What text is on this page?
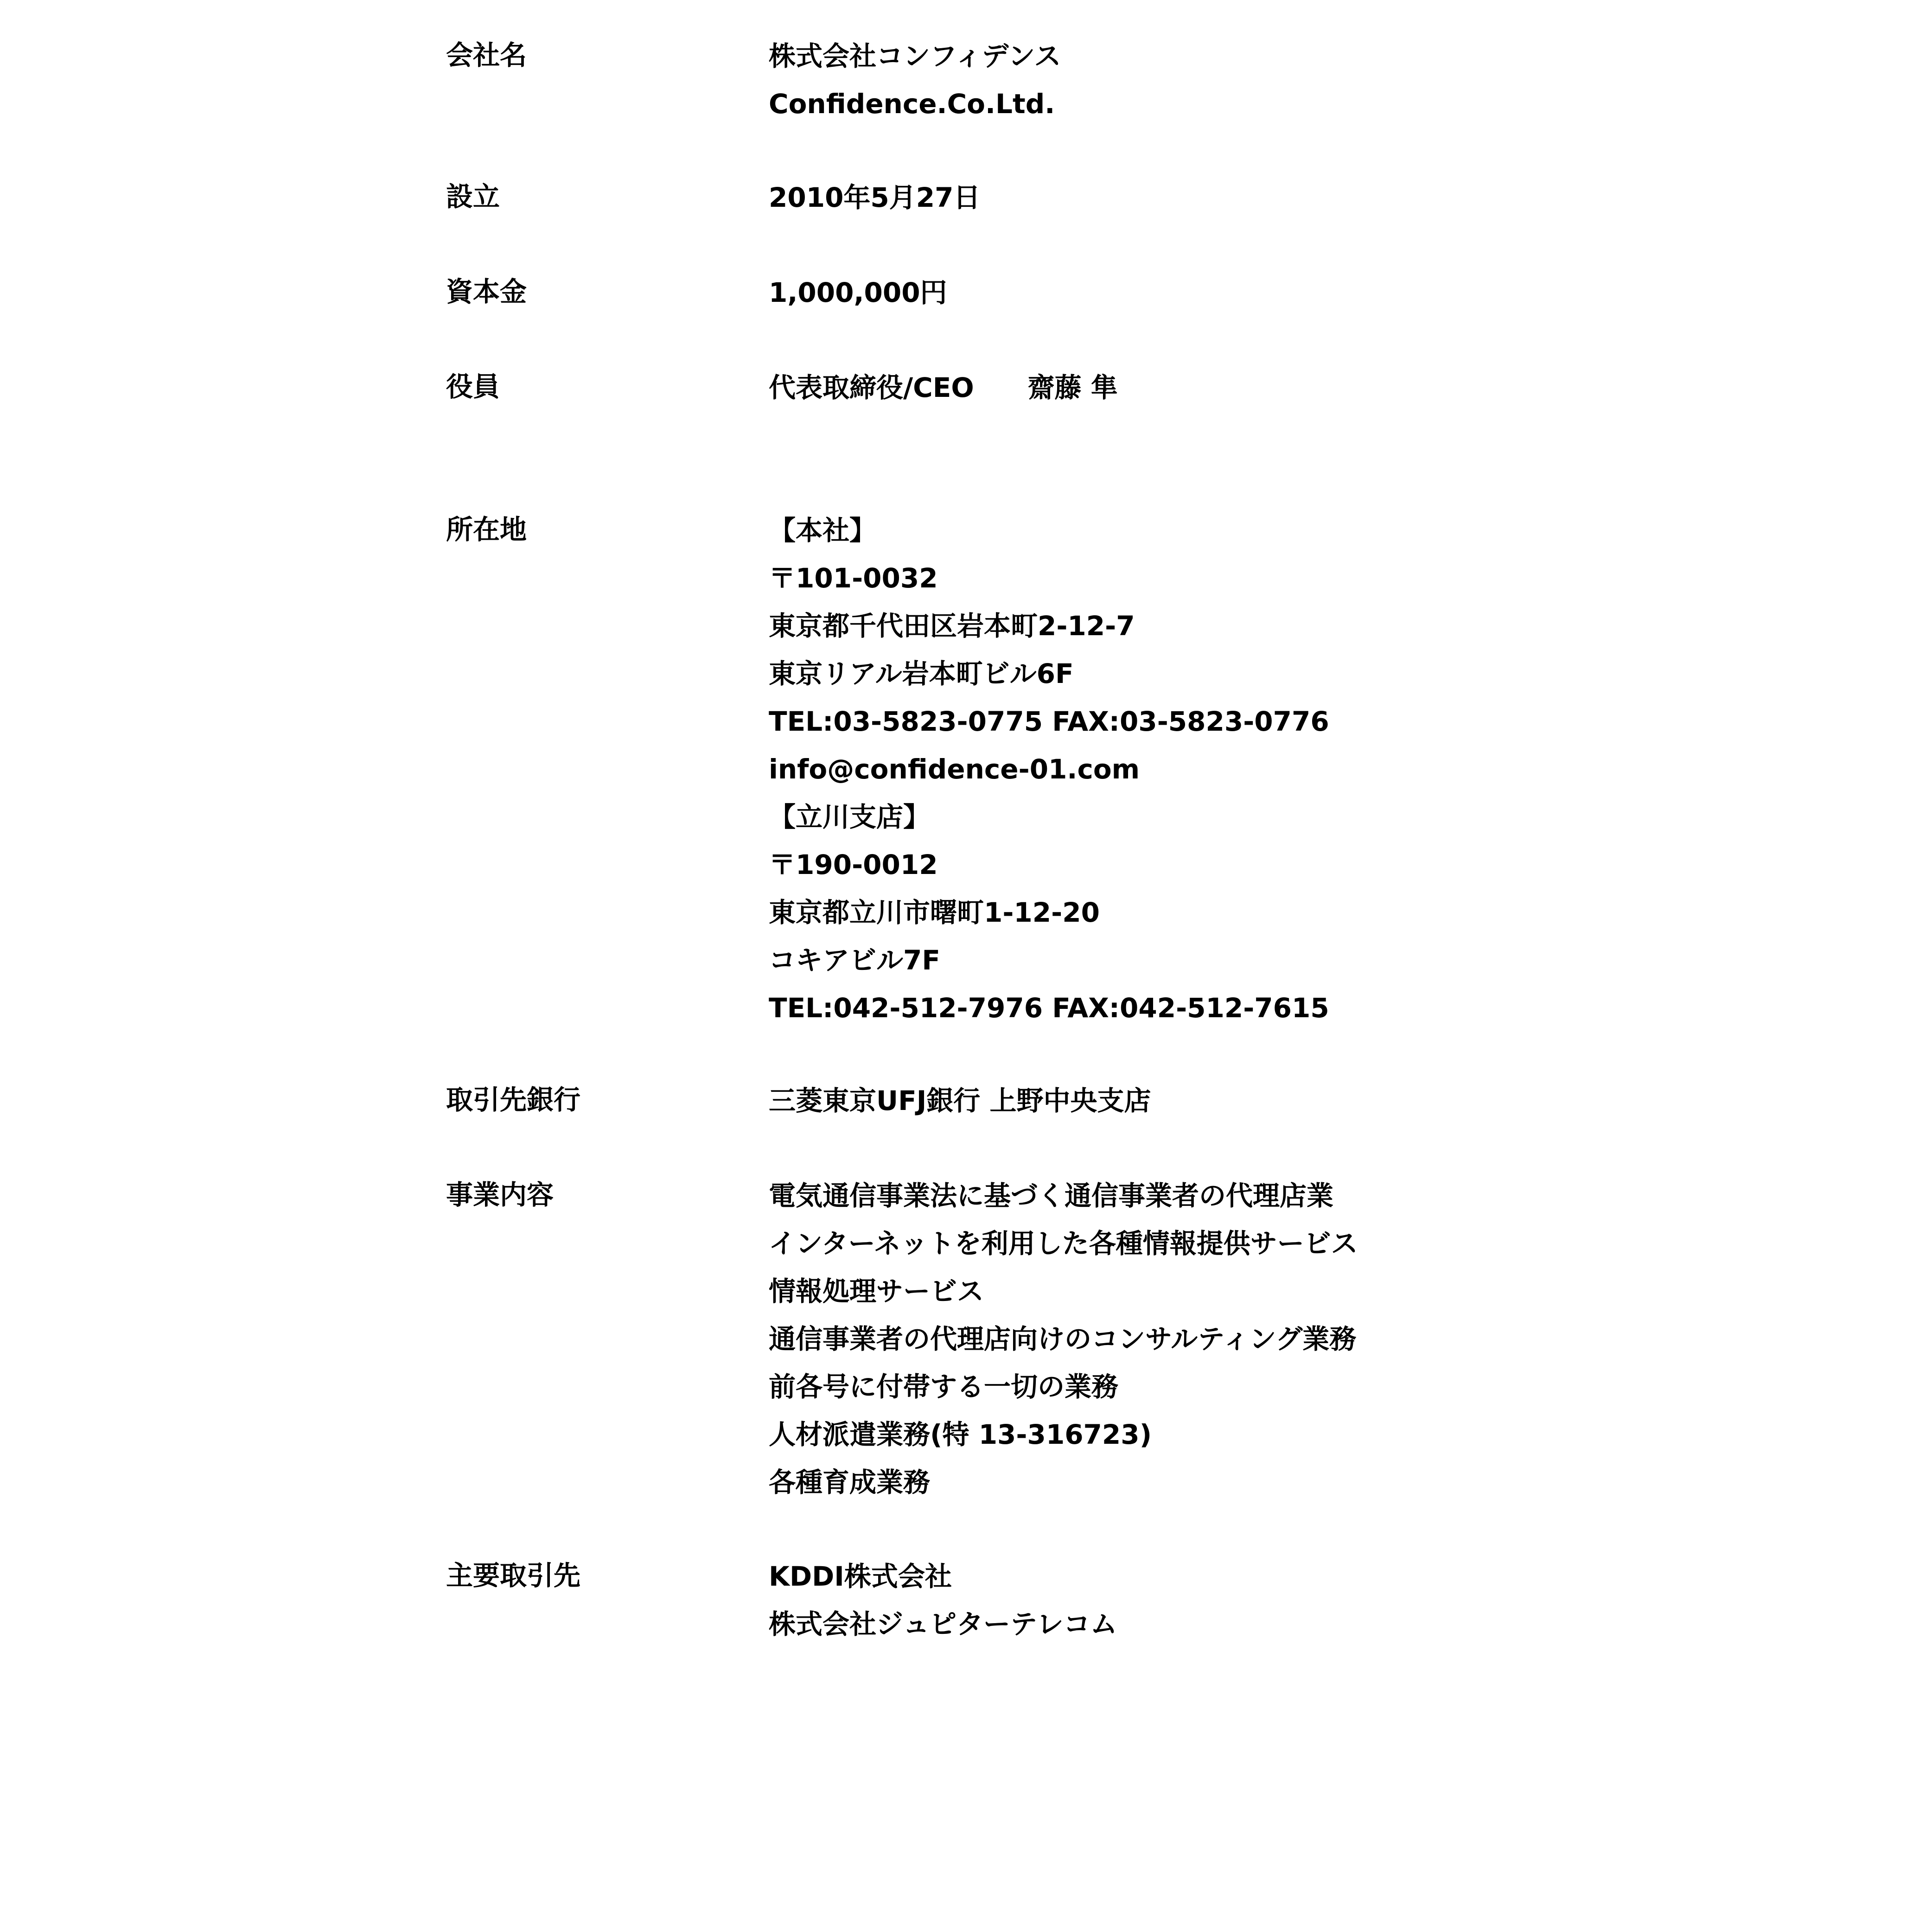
会社名	株式会社コンフィデンス
Confidence.Co.Ltd.
設立	2010年5月27日
資本金	1,000,000円
役員	代表取締役/CEO　　齋藤 隼
所在地	【本社】
〒101-0032
東京都千代田区岩本町2-12-7
東京リアル岩本町ビル6F
TEL:03-5823-0775 FAX:03-5823-0776
info@confidence-01.com
【立川支店】
〒190-0012
東京都立川市曙町1-12-20
コキアビル7F
TEL:042-512-7976 FAX:042-512-7615
取引先銀行	三菱東京UFJ銀行 上野中央支店
事業内容	電気通信事業法に基づく通信事業者の代理店業
インターネットを利用した各種情報提供サービス
情報処理サービス
通信事業者の代理店向けのコンサルティング業務
前各号に付帯する一切の業務
人材派遣業務(特 13-316723)
各種育成業務
主要取引先	KDDI株式会社
株式会社ジュピターテレコム
